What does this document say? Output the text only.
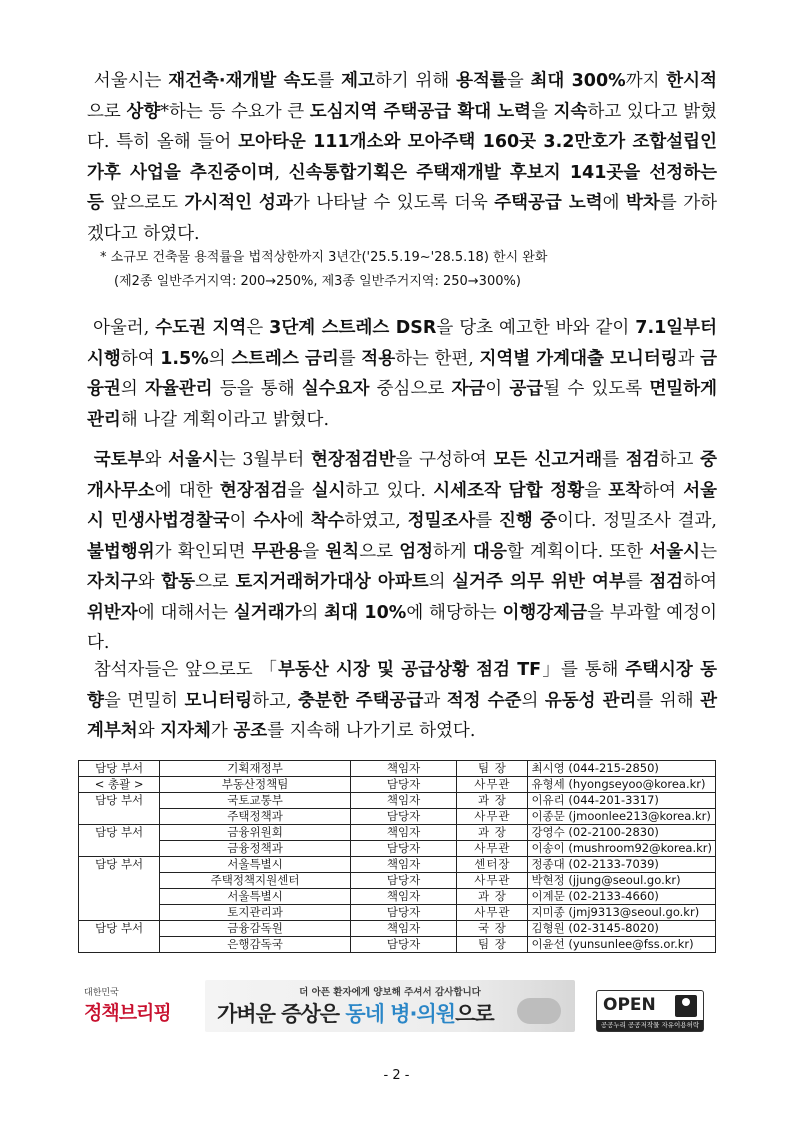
서울시는 재건축·재개발 속도를 제고하기 위해 용적률을 최대 300%까지 한시적으로 상향*하는 등 수요가 큰 도심지역 주택공급 확대 노력을 지속하고 있다고 밝혔다. 특히 올해 들어 모아타운 111개소와 모아주택 160곳 3.2만호가 조합설립인가후 사업을 추진중이며, 신속통합기획은 주택재개발 후보지 141곳을 선정하는 등 앞으로도 가시적인 성과가 나타날 수 있도록 더욱 주택공급 노력에 박차를 가하겠다고 하였다.
* 소규모 건축물 용적률을 법적상한까지 3년간('25.5.19~'28.5.18) 한시 완화
(제2종 일반주거지역: 200→250%, 제3종 일반주거지역: 250→300%)
아울러, 수도권 지역은 3단계 스트레스 DSR을 당초 예고한 바와 같이 7.1일부터 시행하여 1.5%의 스트레스 금리를 적용하는 한편, 지역별 가계대출 모니터링과 금융권의 자율관리 등을 통해 실수요자 중심으로 자금이 공급될 수 있도록 면밀하게 관리해 나갈 계획이라고 밝혔다.
국토부와 서울시는 3월부터 현장점검반을 구성하여 모든 신고거래를 점검하고 중개사무소에 대한 현장점검을 실시하고 있다. 시세조작 담합 정황을 포착하여 서울시 민생사법경찰국이 수사에 착수하였고, 정밀조사를 진행 중이다. 정밀조사 결과, 불법행위가 확인되면 무관용을 원칙으로 엄정하게 대응할 계획이다. 또한 서울시는 자치구와 합동으로 토지거래허가대상 아파트의 실거주 의무 위반 여부를 점검하여 위반자에 대해서는 실거래가의 최대 10%에 해당하는 이행강제금을 부과할 예정이다.
참석자들은 앞으로도 「부동산 시장 및 공급상황 점검 TF」를 통해 주택시장 동향을 면밀히 모니터링하고, 충분한 주택공급과 적정 수준의 유동성 관리를 위해 관계부처와 지자체가 공조를 지속해 나가기로 하였다.
담당 부서	기획재정부	책임자	팀 장	최시영 (044-215-2850)
< 총괄 >	부동산정책팀	담당자	사무관	유형세 (hyongseyoo@korea.kr)
담당 부서	국토교통부	책임자	과 장	이유리 (044-201-3317)
	주택정책과	담당자	사무관	이종문 (jmoonlee213@korea.kr)
담당 부서	금융위원회	책임자	과 장	강영수 (02-2100-2830)
	금융정책과	담당자	사무관	이송이 (mushroom92@korea.kr)
담당 부서	서울특별시	책임자	센터장	정종대 (02-2133-7039)
	주택정책지원센터	담당자	사무관	박현정 (jjung@seoul.go.kr)
	서울특별시	책임자	과 장	이계문 (02-2133-4660)
	토지관리과	담당자	사무관	지미종 (jmj9313@seoul.go.kr)
담당 부서	금융감독원	책임자	국 장	김형원 (02-3145-8020)
	은행감독국	담당자	팀 장	이윤선 (yunsunlee@fss.or.kr)
대한민국
정책브리핑
더 아픈 환자에게 양보해 주셔서 감사합니다
가벼운 증상은 동네 병·의원으로	OPEN
공공누리 공공저작물 자유이용허락
- 2 -
